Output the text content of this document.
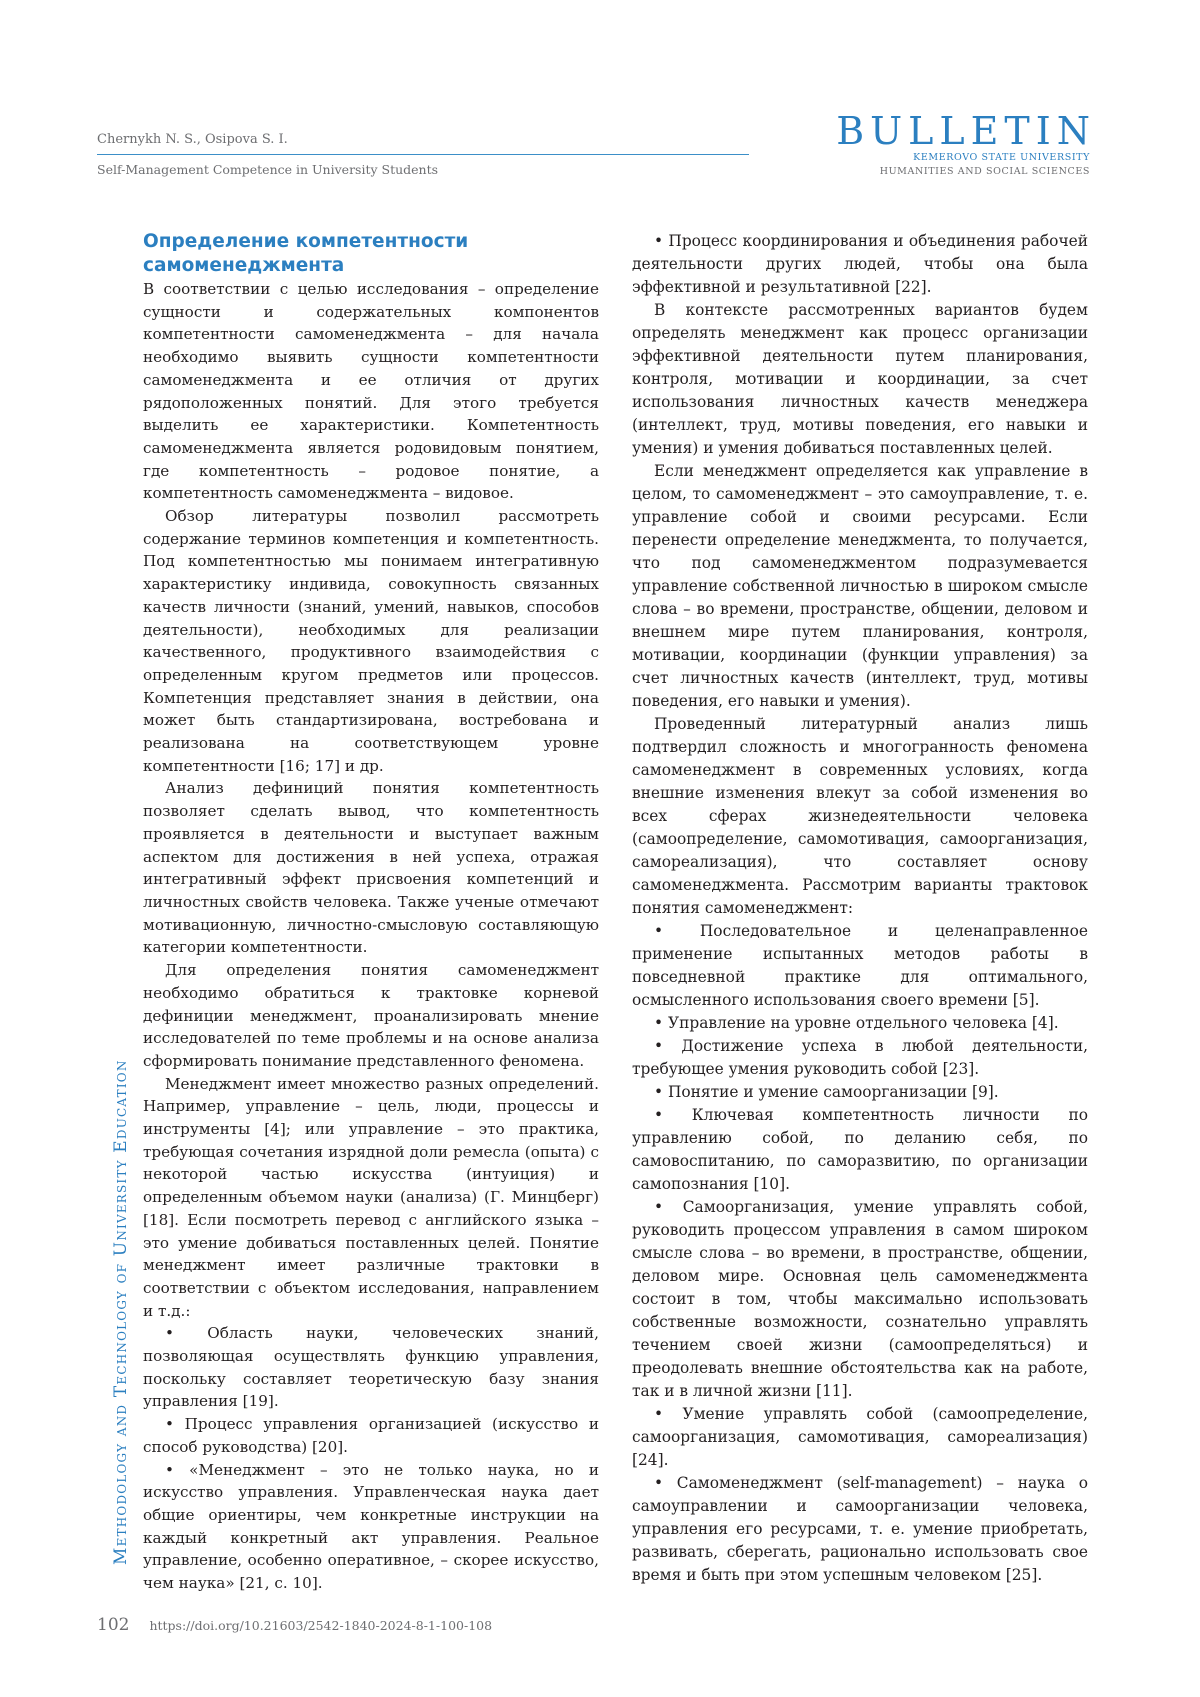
Chernykh N. S., Osipova S. I.
Self-Management Competence in University Students
BULLETIN
KEMEROVO STATE UNIVERSITY
HUMANITIES AND SOCIAL SCIENCES
Определение компетентности самоменеджмента

В соответствии с целью исследования – определение сущности и содержательных компонентов компетентности самоменеджмента – для начала необходимо выявить сущности компетентности самоменеджмента и ее отличия от других рядоположенных понятий. Для этого требуется выделить ее характеристики. Компетентность самоменеджмента является родовидовым понятием, где компетентность – родовое понятие, а компетентность самоменеджмента – видовое.

Обзор литературы позволил рассмотреть содержание терминов компетенция и компетентность. Под компетентностью мы понимаем интегративную характеристику индивида, совокупность связанных качеств личности (знаний, умений, навыков, способов деятельности), необходимых для реализации качественного, продуктивного взаимодействия с определенным кругом предметов или процессов. Компетенция представляет знания в действии, она может быть стандартизирована, востребована и реализована на соответствующем уровне компетентности [16; 17] и др.

Анализ дефиниций понятия компетентность позволяет сделать вывод, что компетентность проявляется в деятельности и выступает важным аспектом для достижения в ней успеха, отражая интегративный эффект присвоения компетенций и личностных свойств человека. Также ученые отмечают мотивационную, личностно-смысловую составляющую категории компетентности.

Для определения понятия самоменеджмент необходимо обратиться к трактовке корневой дефиниции менеджмент, проанализировать мнение исследователей по теме проблемы и на основе анализа сформировать понимание представленного феномена.

Менеджмент имеет множество разных определений. Например, управление – цель, люди, процессы и инструменты [4]; или управление – это практика, требующая сочетания изрядной доли ремесла (опыта) с некоторой частью искусства (интуиция) и определенным объемом науки (анализа) (Г. Минцберг) [18]. Если посмотреть перевод с английского языка – это умение добиваться поставленных целей. Понятие менеджмент имеет различные трактовки в соответствии с объектом исследования, направлением и т.д.:

• Область науки, человеческих знаний, позволяющая осуществлять функцию управления, поскольку составляет теоретическую базу знания управления [19].

• Процесс управления организацией (искусство и способ руководства) [20].

• «Менеджмент – это не только наука, но и искусство управления. Управленческая наука дает общие ориентиры, чем конкретные инструкции на каждый конкретный акт управления. Реальное управление, особенно оперативное, – скорее искусство, чем наука» [21, с. 10].

• Процесс координирования и объединения рабочей деятельности других людей, чтобы она была эффективной и результативной [22].

В контексте рассмотренных вариантов будем определять менеджмент как процесс организации эффективной деятельности путем планирования, контроля, мотивации и координации, за счет использования личностных качеств менеджера (интеллект, труд, мотивы поведения, его навыки и умения) и умения добиваться поставленных целей.

Если менеджмент определяется как управление в целом, то самоменеджмент – это самоуправление, т. е. управление собой и своими ресурсами. Если перенести определение менеджмента, то получается, что под самоменеджментом подразумевается управление собственной личностью в широком смысле слова – во времени, пространстве, общении, деловом и внешнем мире путем планирования, контроля, мотивации, координации (функции управления) за счет личностных качеств (интеллект, труд, мотивы поведения, его навыки и умения).

Проведенный литературный анализ лишь подтвердил сложность и многогранность феномена самоменеджмент в современных условиях, когда внешние изменения влекут за собой изменения во всех сферах жизнедеятельности человека (самоопределение, самомотивация, самоорганизация, самореализация), что составляет основу самоменеджмента. Рассмотрим варианты трактовок понятия самоменеджмент:

• Последовательное и целенаправленное применение испытанных методов работы в повседневной практике для оптимального, осмысленного использования своего времени [5].

• Управление на уровне отдельного человека [4].

• Достижение успеха в любой деятельности, требующее умения руководить собой [23].

• Понятие и умение самоорганизации [9].

• Ключевая компетентность личности по управлению собой, по деланию себя, по самовоспитанию, по саморазвитию, по организации самопознания [10].

• Самоорганизация, умение управлять собой, руководить процессом управления в самом широком смысле слова – во времени, в пространстве, общении, деловом мире. Основная цель самоменеджмента состоит в том, чтобы максимально использовать собственные возможности, сознательно управлять течением своей жизни (самоопределяться) и преодолевать внешние обстоятельства как на работе, так и в личной жизни [11].

• Умение управлять собой (самоопределение, самоорганизация, самомотивация, самореализация) [24].

• Самоменеджмент (self-management) – наука о самоуправлении и самоорганизации человека, управления его ресурсами, т. е. умение приобретать, развивать, сберегать, рационально использовать свое время и быть при этом успешным человеком [25].

Methodology and Technology of University Education
102 https://doi.org/10.21603/2542-1840-2024-8-1-100-108
